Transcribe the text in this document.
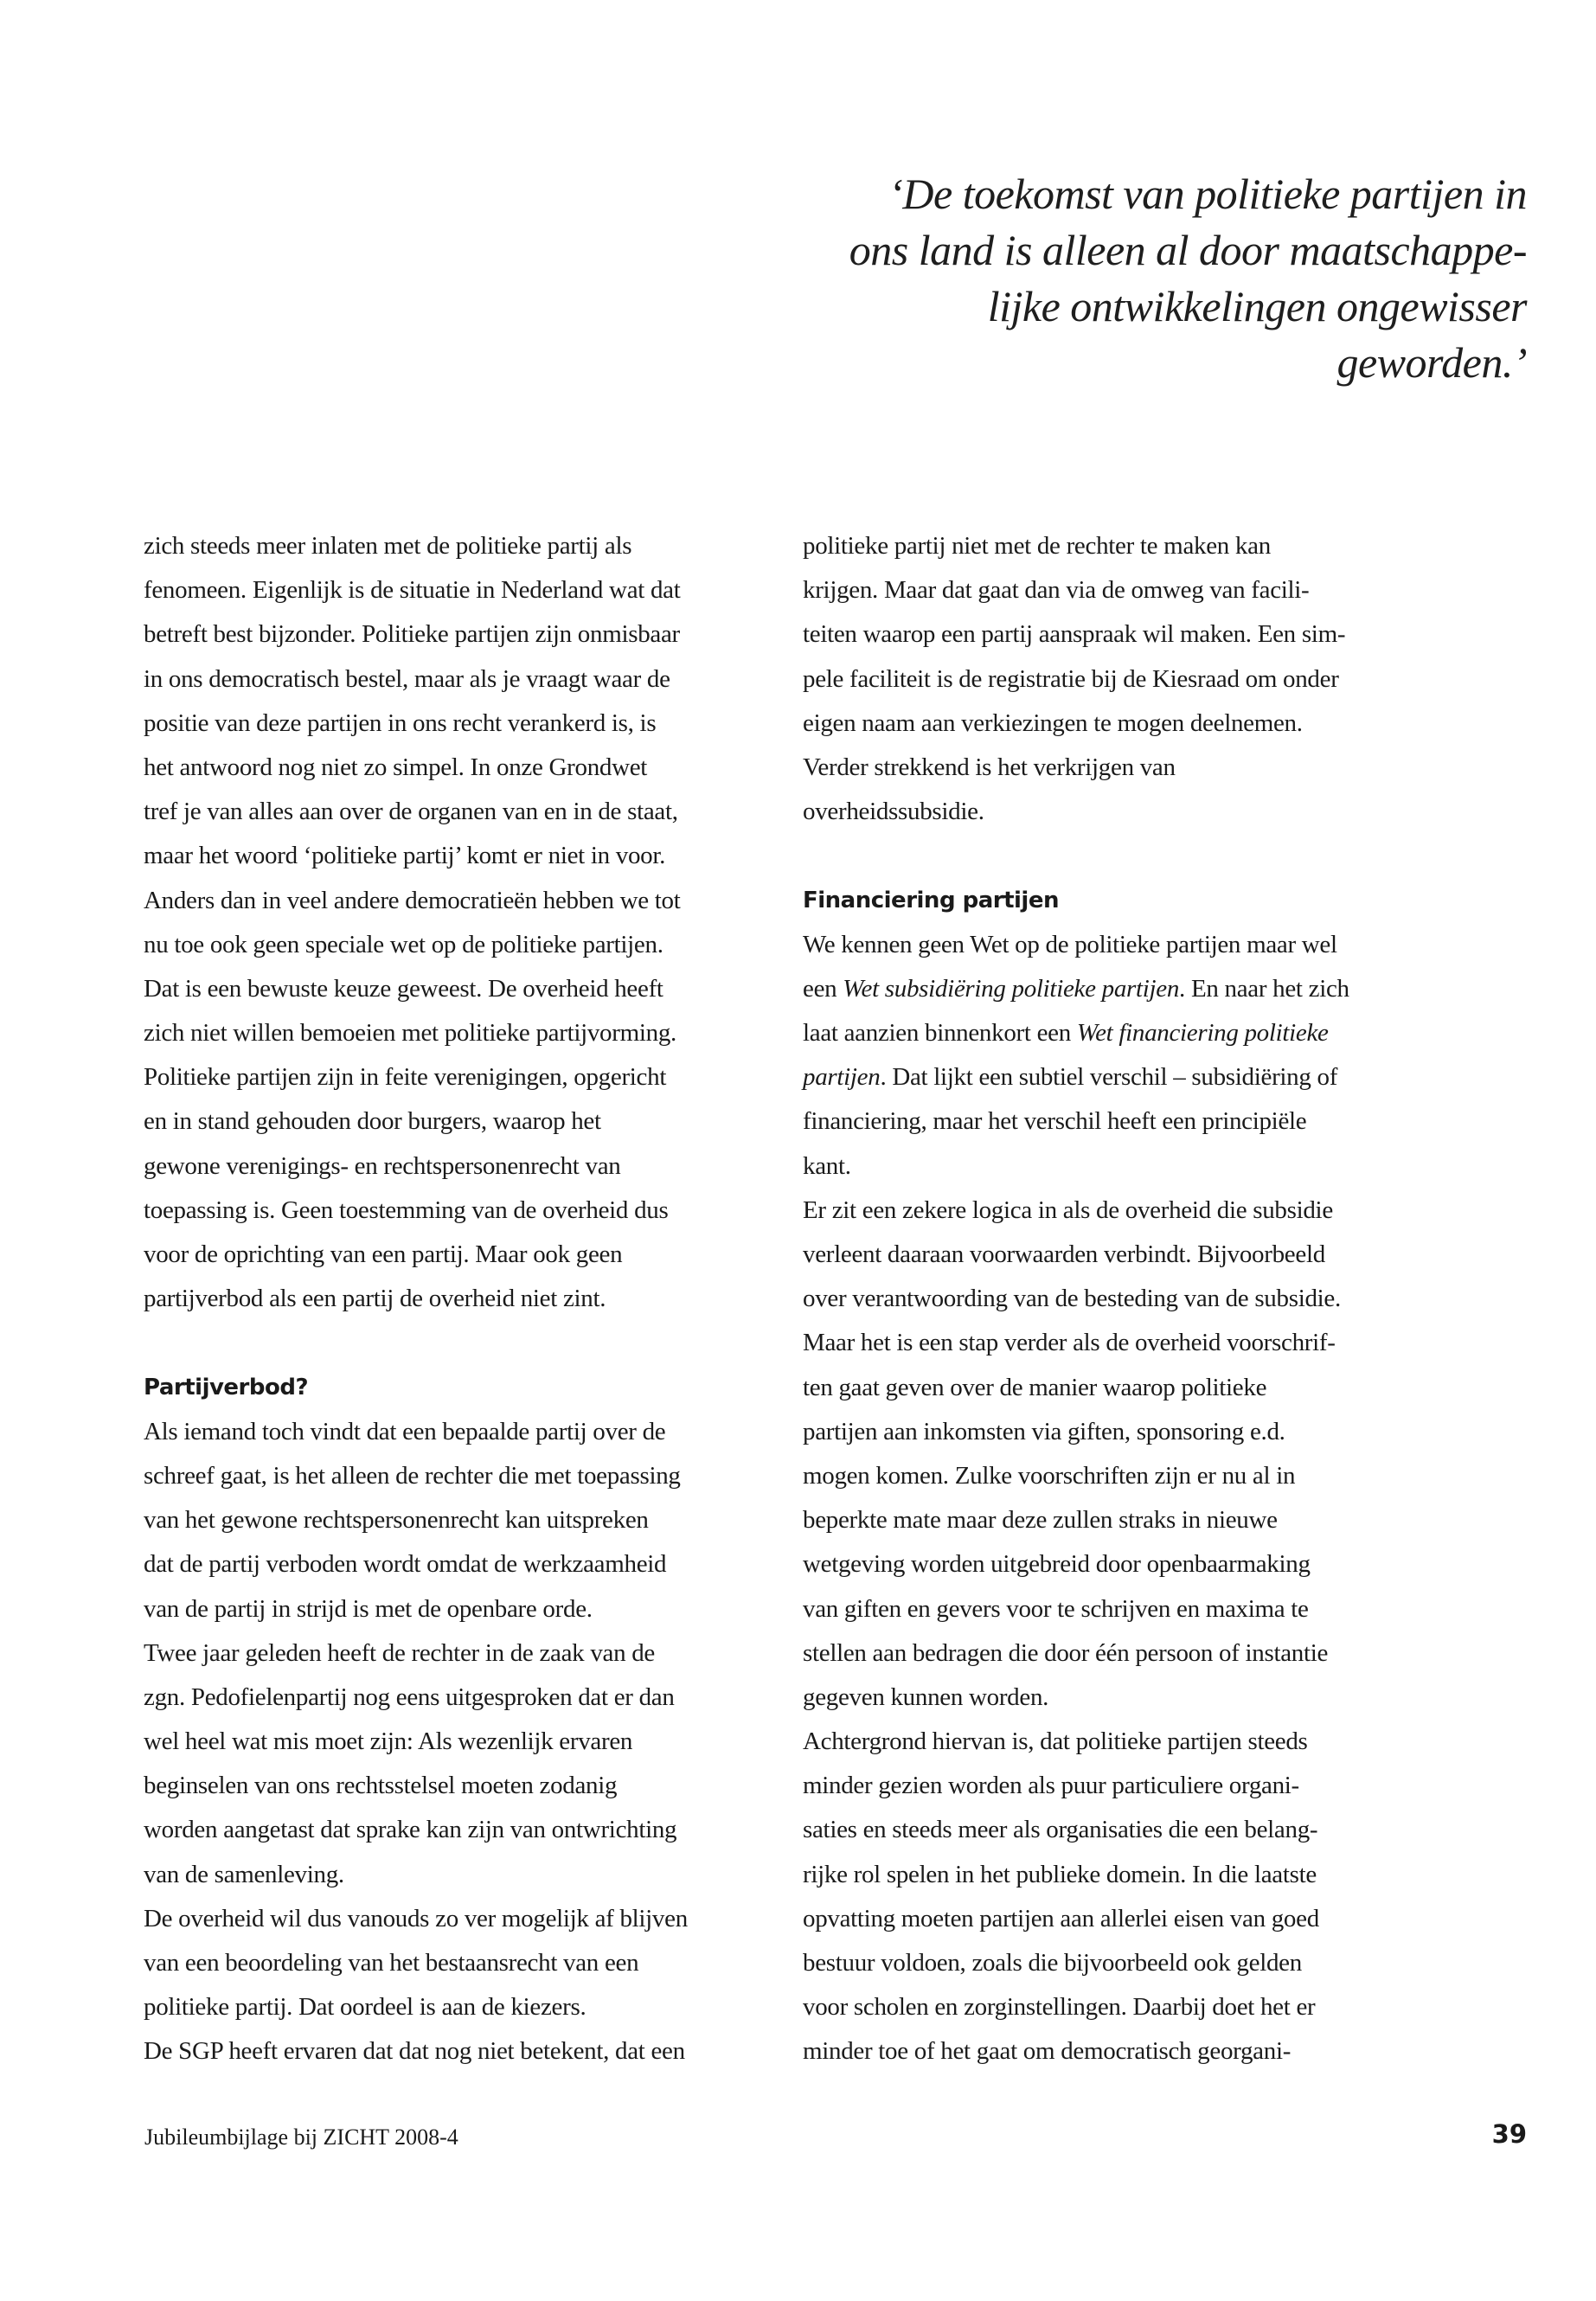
‘De toekomst van politieke partijen in
ons land is alleen al door maatschappe-
lijke ontwikkelingen ongewisser
geworden.’
zich steeds meer inlaten met de politieke partij als
fenomeen. Eigenlijk is de situatie in Nederland wat dat
betreft best bijzonder. Politieke partijen zijn onmisbaar
in ons democratisch bestel, maar als je vraagt waar de
positie van deze partijen in ons recht verankerd is, is
het antwoord nog niet zo simpel. In onze Grondwet
tref je van alles aan over de organen van en in de staat,
maar het woord ‘politieke partij’ komt er niet in voor.
Anders dan in veel andere democratieën hebben we tot
nu toe ook geen speciale wet op de politieke partijen.
Dat is een bewuste keuze geweest. De overheid heeft
zich niet willen bemoeien met politieke partijvorming.
Politieke partijen zijn in feite verenigingen, opgericht
en in stand gehouden door burgers, waarop het
gewone verenigings- en rechtspersonenrecht van
toepassing is. Geen toestemming van de overheid dus
voor de oprichting van een partij. Maar ook geen
partijverbod als een partij de overheid niet zint.
Partijverbod?
Als iemand toch vindt dat een bepaalde partij over de
schreef gaat, is het alleen de rechter die met toepassing
van het gewone rechtspersonenrecht kan uitspreken
dat de partij verboden wordt omdat de werkzaamheid
van de partij in strijd is met de openbare orde.
Twee jaar geleden heeft de rechter in de zaak van de
zgn. Pedofielenpartij nog eens uitgesproken dat er dan
wel heel wat mis moet zijn: Als wezenlijk ervaren
beginselen van ons rechtsstelsel moeten zodanig
worden aangetast dat sprake kan zijn van ontwrichting
van de samenleving.
De overheid wil dus vanouds zo ver mogelijk af blijven
van een beoordeling van het bestaansrecht van een
politieke partij. Dat oordeel is aan de kiezers.
De SGP heeft ervaren dat dat nog niet betekent, dat een
politieke partij niet met de rechter te maken kan
krijgen. Maar dat gaat dan via de omweg van facili-
teiten waarop een partij aanspraak wil maken. Een sim-
pele faciliteit is de registratie bij de Kiesraad om onder
eigen naam aan verkiezingen te mogen deelnemen.
Verder strekkend is het verkrijgen van
overheidssubsidie.
Financiering partijen
We kennen geen Wet op de politieke partijen maar wel
een Wet subsidiëring politieke partijen. En naar het zich
laat aanzien binnenkort een Wet financiering politieke
partijen. Dat lijkt een subtiel verschil – subsidiëring of
financiering, maar het verschil heeft een principiële
kant.
Er zit een zekere logica in als de overheid die subsidie
verleent daaraan voorwaarden verbindt. Bijvoorbeeld
over verantwoording van de besteding van de subsidie.
Maar het is een stap verder als de overheid voorschrif-
ten gaat geven over de manier waarop politieke
partijen aan inkomsten via giften, sponsoring e.d.
mogen komen. Zulke voorschriften zijn er nu al in
beperkte mate maar deze zullen straks in nieuwe
wetgeving worden uitgebreid door openbaarmaking
van giften en gevers voor te schrijven en maxima te
stellen aan bedragen die door één persoon of instantie
gegeven kunnen worden.
Achtergrond hiervan is, dat politieke partijen steeds
minder gezien worden als puur particuliere organi-
saties en steeds meer als organisaties die een belang-
rijke rol spelen in het publieke domein. In die laatste
opvatting moeten partijen aan allerlei eisen van goed
bestuur voldoen, zoals die bijvoorbeeld ook gelden
voor scholen en zorginstellingen. Daarbij doet het er
minder toe of het gaat om democratisch georgani-
Jubileumbijlage bij ZICHT 2008-4	39
